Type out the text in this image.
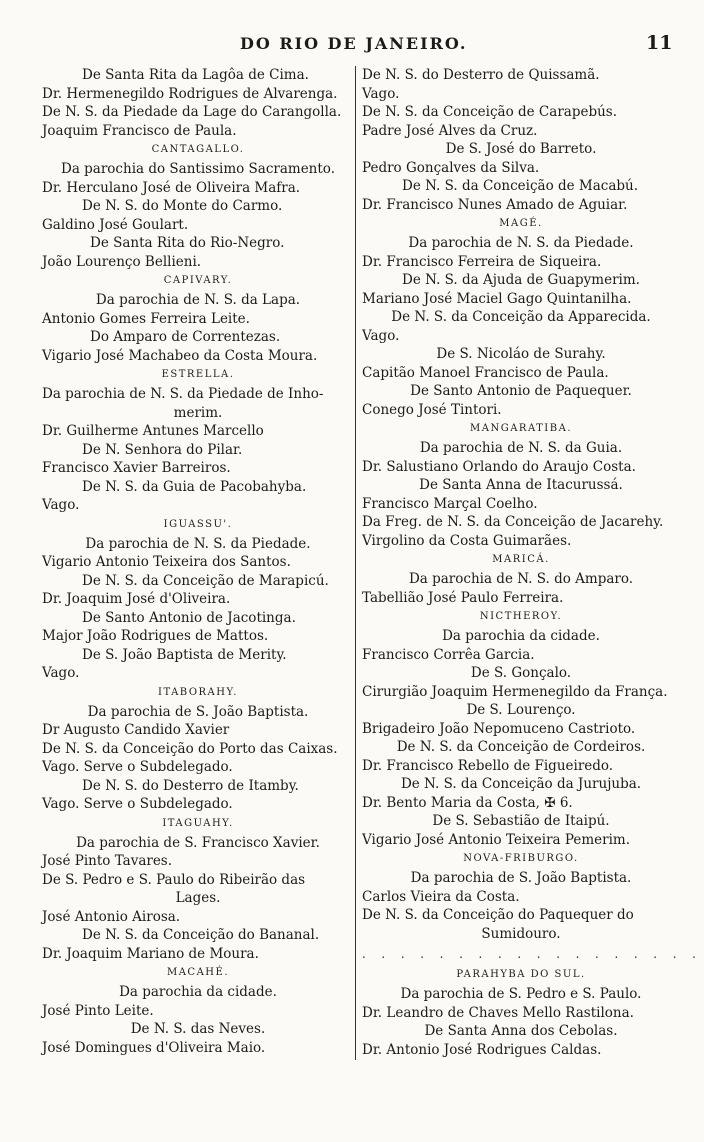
DO RIO DE JANEIRO.	11
De Santa Rita da Lagôa de Cima.
Dr. Hermenegildo Rodrigues de Alvarenga.
De N. S. da Piedade da Lage do Carangolla.
Joaquim Francisco de Paula.
CANTAGALLO.
Da parochia do Santissimo Sacramento.
Dr. Herculano José de Oliveira Mafra.
De N. S. do Monte do Carmo.
Galdino José Goulart.
De Santa Rita do Rio-Negro.
João Lourenço Bellieni.
CAPIVARY.
Da parochia de N. S. da Lapa.
Antonio Gomes Ferreira Leite.
Do Amparo de Correntezas.
Vigario José Machabeo da Costa Moura.
ESTRELLA.
Da parochia de N. S. da Piedade de Inho-
merim.
Dr. Guilherme Antunes Marcello
De N. Senhora do Pilar.
Francisco Xavier Barreiros.
De N. S. da Guia de Pacobahyba.
Vago.
IGUASSU'.
Da parochia de N. S. da Piedade.
Vigario Antonio Teixeira dos Santos.
De N. S. da Conceição de Marapicú.
Dr. Joaquim José d'Oliveira.
De Santo Antonio de Jacotinga.
Major João Rodrigues de Mattos.
De S. João Baptista de Merity.
Vago.
ITABORAHY.
Da parochia de S. João Baptista.
Dr Augusto Candido Xavier
De N. S. da Conceição do Porto das Caixas.
Vago. Serve o Subdelegado.
De N. S. do Desterro de Itamby.
Vago. Serve o Subdelegado.
ITAGUAHY.
Da parochia de S. Francisco Xavier.
José Pinto Tavares.
De S. Pedro e S. Paulo do Ribeirão das
Lages.
José Antonio Airosa.
De N. S. da Conceição do Bananal.
Dr. Joaquim Mariano de Moura.
MACAHÉ.
Da parochia da cidade.
José Pinto Leite.
De N. S. das Neves.
José Domingues d'Oliveira Maio.
De N. S. do Desterro de Quissamã.
Vago.
De N. S. da Conceição de Carapebús.
Padre José Alves da Cruz.
De S. José do Barreto.
Pedro Gonçalves da Silva.
De N. S. da Conceição de Macabú.
Dr. Francisco Nunes Amado de Aguiar.
MAGÉ.
Da parochia de N. S. da Piedade.
Dr. Francisco Ferreira de Siqueira.
De N. S. da Ajuda de Guapymerim.
Mariano José Maciel Gago Quintanilha.
De N. S. da Conceição da Apparecida.
Vago.
De S. Nicoláo de Surahy.
Capitão Manoel Francisco de Paula.
De Santo Antonio de Paquequer.
Conego José Tintori.
MANGARATIBA.
Da parochia de N. S. da Guia.
Dr. Salustiano Orlando do Araujo Costa.
De Santa Anna de Itacurussá.
Francisco Marçal Coelho.
Da Freg. de N. S. da Conceição de Jacarehy.
Virgolino da Costa Guimarães.
MARICÁ.
Da parochia de N. S. do Amparo.
Tabellião José Paulo Ferreira.
NICTHEROY.
Da parochia da cidade.
Francisco Corrêa Garcia.
De S. Gonçalo.
Cirurgião Joaquim Hermenegildo da França.
De S. Lourenço.
Brigadeiro João Nepomuceno Castrioto.
De N. S. da Conceição de Cordeiros.
Dr. Francisco Rebello de Figueiredo.
De N. S. da Conceição da Jurujuba.
Dr. Bento Maria da Costa, ✠ 6.
De S. Sebastião de Itaipú.
Vigario José Antonio Teixeira Pemerim.
NOVA-FRIBURGO.
Da parochia de S. João Baptista.
Carlos Vieira da Costa.
De N. S. da Conceição do Paquequer do
Sumidouro.
. . . . . . . . . . . . . . . . . .
PARAHYBA DO SUL.
Da parochia de S. Pedro e S. Paulo.
Dr. Leandro de Chaves Mello Rastilona.
De Santa Anna dos Cebolas.
Dr. Antonio José Rodrigues Caldas.
